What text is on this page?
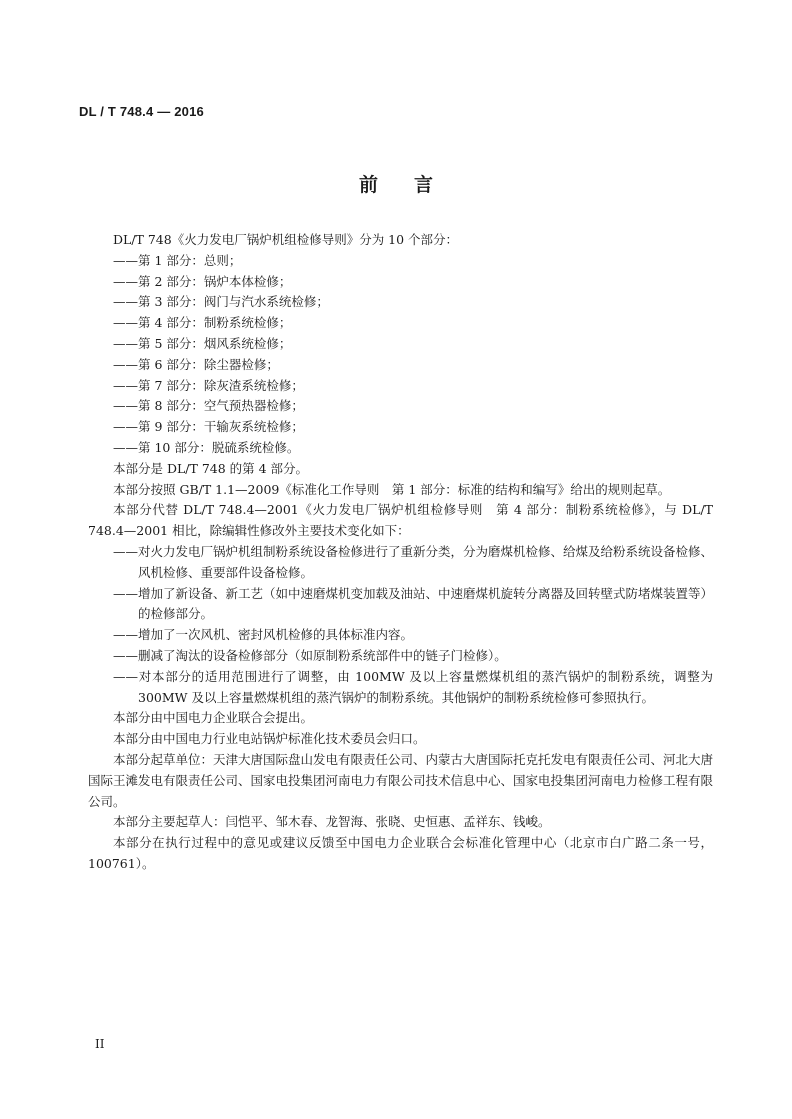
DL / T 748.4 — 2016
前言

DL/T 748《火力发电厂锅炉机组检修导则》分为 10 个部分：

——第 1 部分：总则；

——第 2 部分：锅炉本体检修；

——第 3 部分：阀门与汽水系统检修；

——第 4 部分：制粉系统检修；

——第 5 部分：烟风系统检修；

——第 6 部分：除尘器检修；

——第 7 部分：除灰渣系统检修；

——第 8 部分：空气预热器检修；

——第 9 部分：干输灰系统检修；

——第 10 部分：脱硫系统检修。

本部分是 DL/T 748 的第 4 部分。

本部分按照 GB/T 1.1—2009《标准化工作导则　第 1 部分：标准的结构和编写》给出的规则起草。

本部分代替 DL/T 748.4—2001《火力发电厂锅炉机组检修导则　第 4 部分：制粉系统检修》，与 DL/T 748.4—2001 相比，除编辑性修改外主要技术变化如下：

——对火力发电厂锅炉机组制粉系统设备检修进行了重新分类，分为磨煤机检修、给煤及给粉系统设备检修、风机检修、重要部件设备检修。

——增加了新设备、新工艺（如中速磨煤机变加载及油站、中速磨煤机旋转分离器及回转壁式防堵煤装置等）的检修部分。

——增加了一次风机、密封风机检修的具体标准内容。

——删减了淘汰的设备检修部分（如原制粉系统部件中的链子门检修）。

——对本部分的适用范围进行了调整，由 100MW 及以上容量燃煤机组的蒸汽锅炉的制粉系统，调整为 300MW 及以上容量燃煤机组的蒸汽锅炉的制粉系统。其他锅炉的制粉系统检修可参照执行。

本部分由中国电力企业联合会提出。

本部分由中国电力行业电站锅炉标准化技术委员会归口。

本部分起草单位：天津大唐国际盘山发电有限责任公司、内蒙古大唐国际托克托发电有限责任公司、河北大唐国际王滩发电有限责任公司、国家电投集团河南电力有限公司技术信息中心、国家电投集团河南电力检修工程有限公司。

本部分主要起草人：闫恺平、邹木春、龙智海、张晓、史恒惠、孟祥东、钱峻。

本部分在执行过程中的意见或建议反馈至中国电力企业联合会标准化管理中心（北京市白广路二条一号，100761）。

II
